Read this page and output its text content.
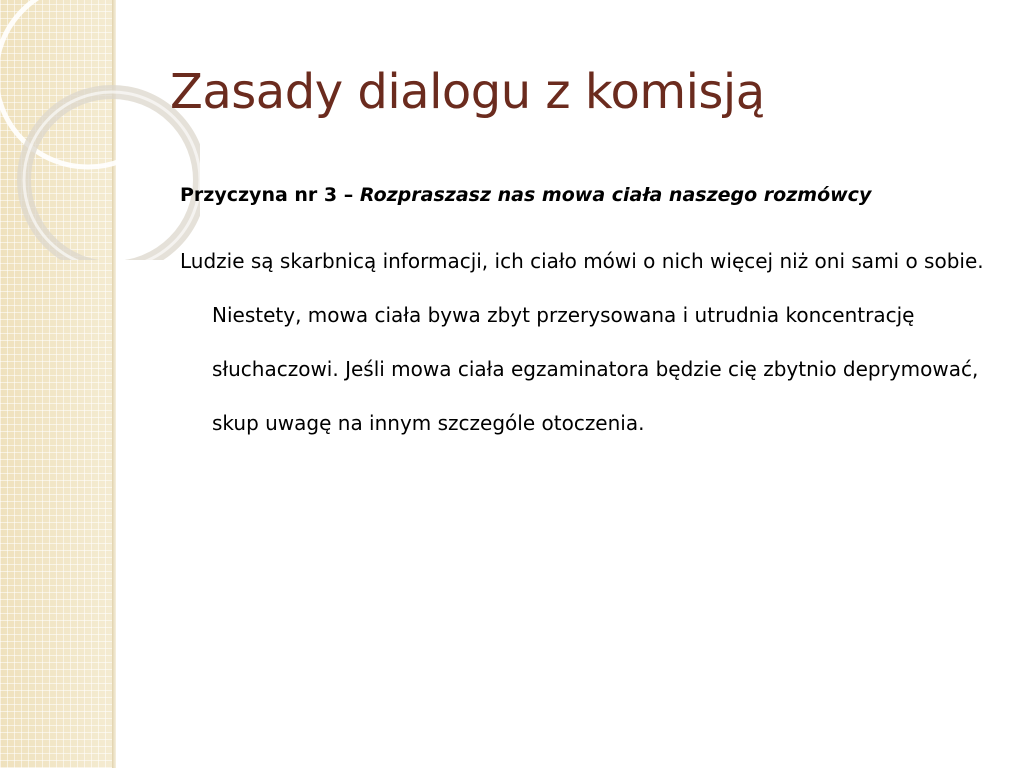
Zasady dialogu z komisją

Przyczyna nr 3 – Rozpraszasz nas mowa ciała naszego rozmówcy

Ludzie są skarbnicą informacji, ich ciało mówi o nich więcej niż oni sami o sobie. Niestety, mowa ciała bywa zbyt przerysowana i utrudnia koncentrację słuchaczowi. Jeśli mowa ciała egzaminatora będzie cię zbytnio deprymować, skup uwagę na innym szczególe otoczenia.
